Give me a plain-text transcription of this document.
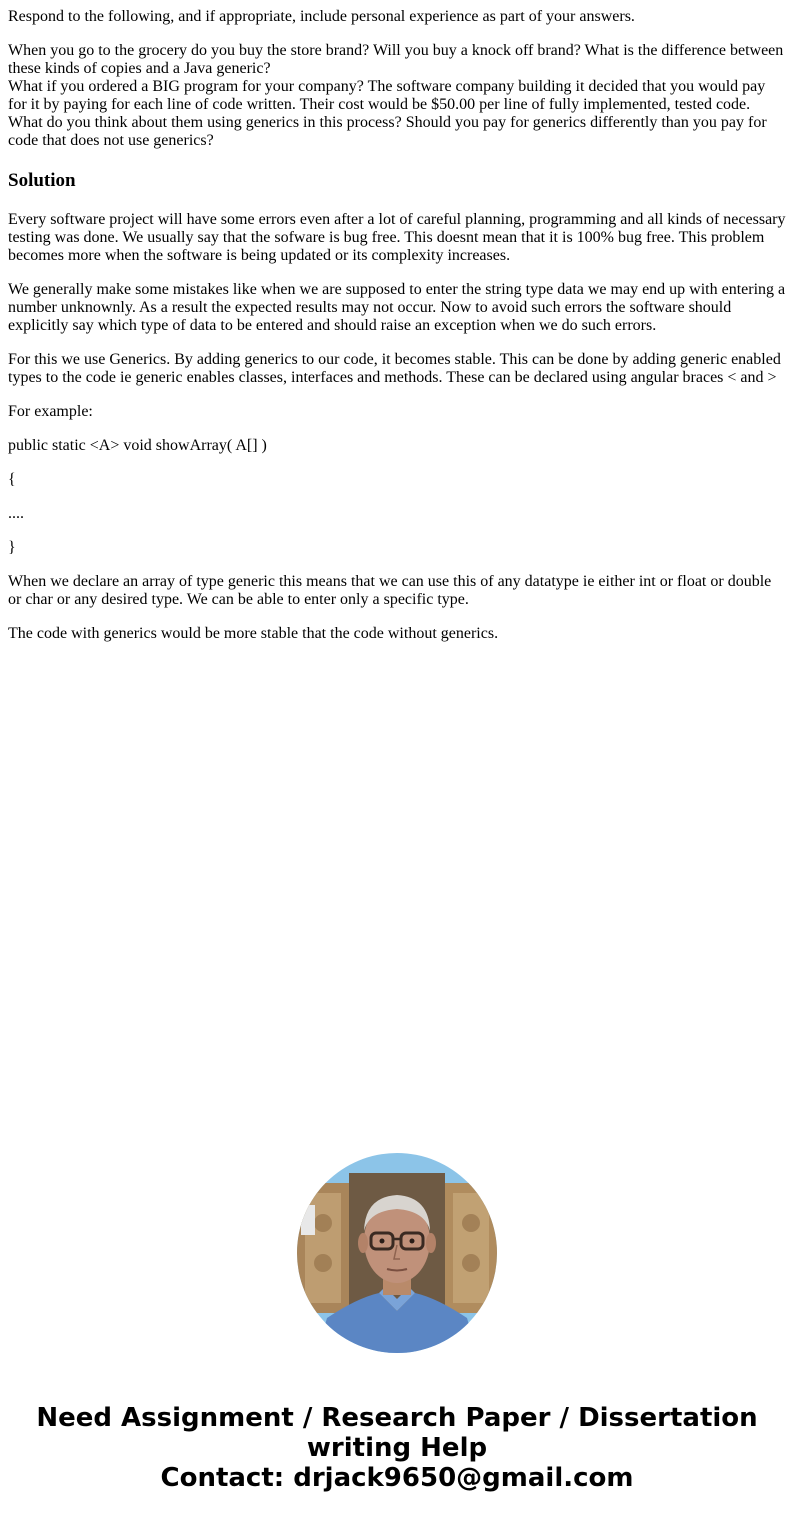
Respond to the following, and if appropriate, include personal experience as part of your answers.

When you go to the grocery do you buy the store brand? Will you buy a knock off brand? What is the difference between these kinds of copies and a Java generic?
What if you ordered a BIG program for your company? The software company building it decided that you would pay for it by paying for each line of code written. Their cost would be $50.00 per line of fully implemented, tested code. What do you think about them using generics in this process? Should you pay for generics differently than you pay for code that does not use generics?

Solution

Every software project will have some errors even after a lot of careful planning, programming and all kinds of necessary testing was done. We usually say that the sofware is bug free. This doesnt mean that it is 100% bug free. This problem becomes more when the software is being updated or its complexity increases.

We generally make some mistakes like when we are supposed to enter the string type data we may end up with entering a number unknownly. As a result the expected results may not occur. Now to avoid such errors the software should explicitly say which type of data to be entered and should raise an exception when we do such errors.

For this we use Generics. By adding generics to our code, it becomes stable. This can be done by adding generic enabled types to the code ie generic enables classes, interfaces and methods. These can be declared using angular braces < and >

For example:

public static <A> void showArray( A[] )

{

....

}

When we declare an array of type generic this means that we can use this of any datatype ie either int or float or double or char or any desired type. We can be able to enter only a specific type.

The code with generics would be more stable that the code without generics.

Need Assignment / Research Paper / Dissertation
writing Help
Contact: drjack9650@gmail.com
